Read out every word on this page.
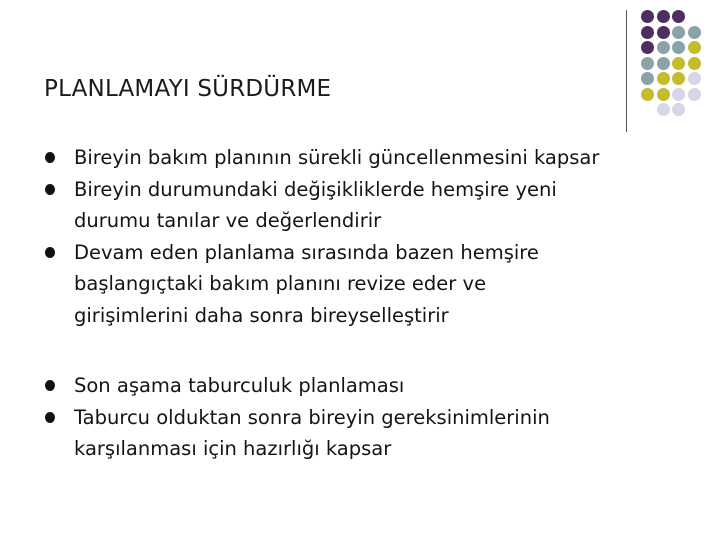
PLANLAMAYI SÜRDÜRME
Bireyin bakım planının sürekli güncellenmesini kapsar
Bireyin durumundaki değişikliklerde hemşire yeni
durumu tanılar ve değerlendirir
Devam eden planlama sırasında bazen hemşire
başlangıçtaki bakım planını revize eder ve
girişimlerini daha sonra bireyselleştirir
Son aşama taburculuk planlaması
Taburcu olduktan sonra bireyin gereksinimlerinin
karşılanması için hazırlığı kapsar
